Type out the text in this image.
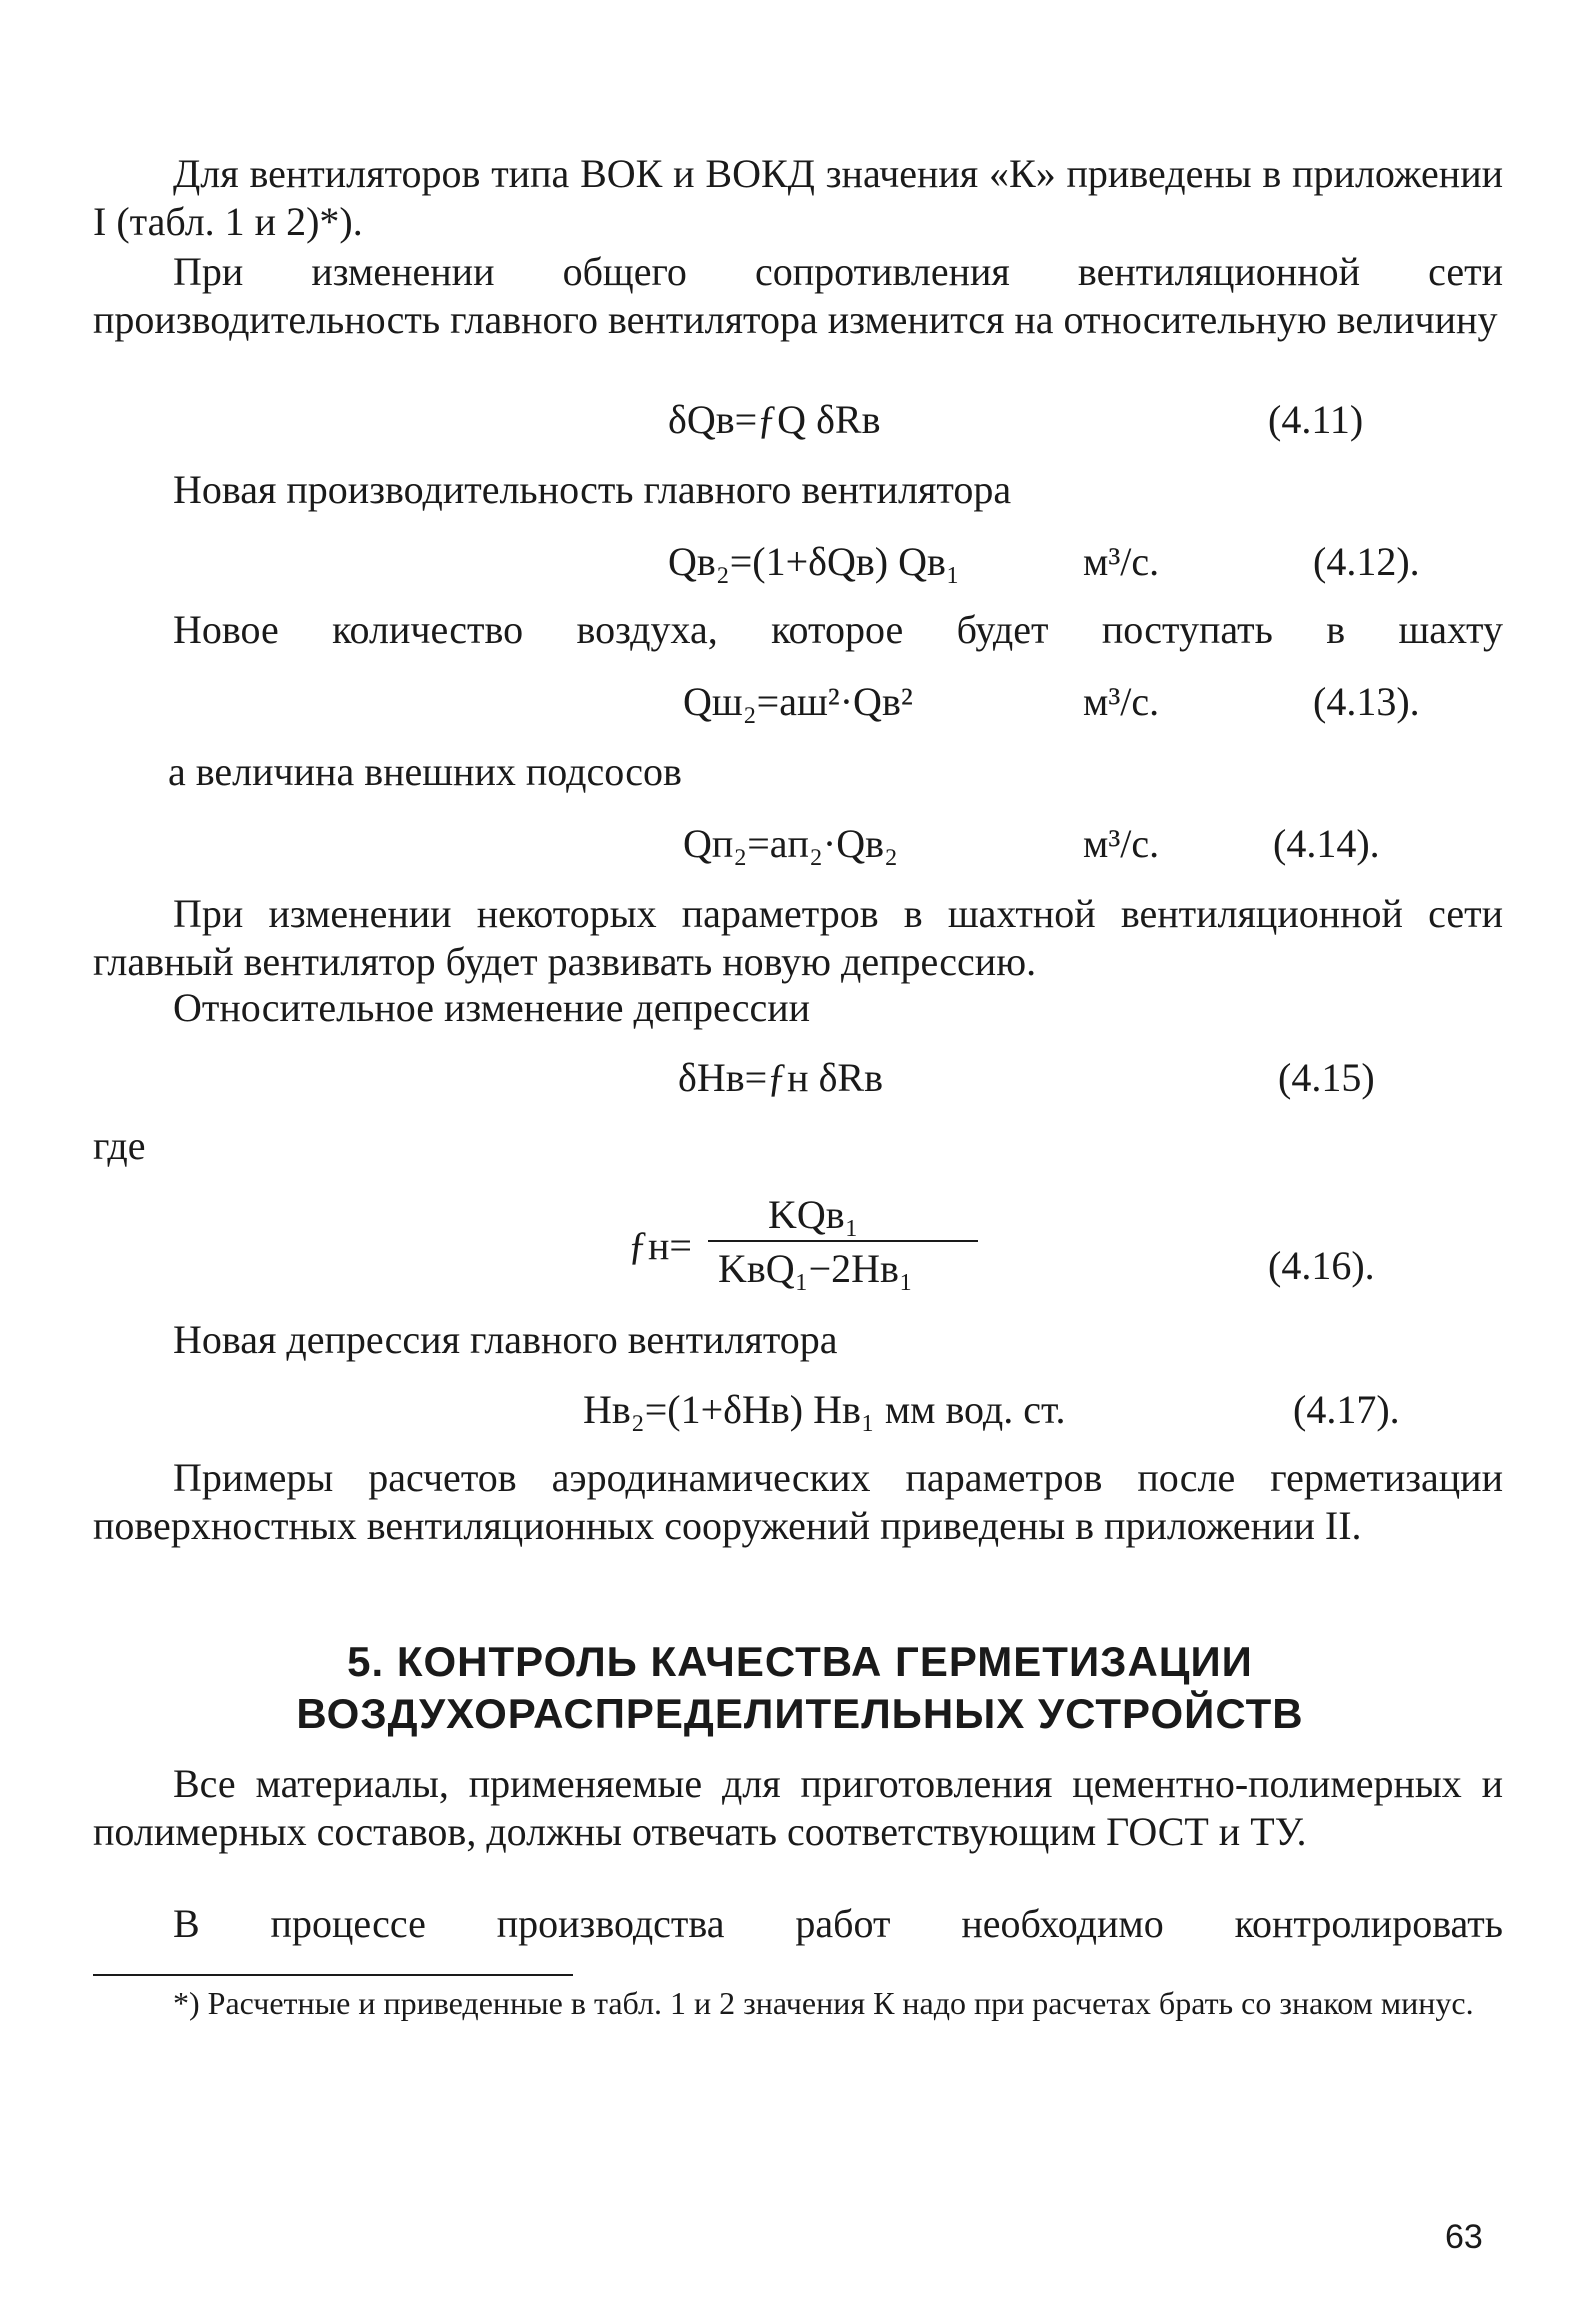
Для вентиляторов типа ВОК и ВОКД значения «К» приведены в приложении I (табл. 1 и 2)*).
При изменении общего сопротивления вентиляционной сети производительность главного вентилятора изменится на относительную величину
δQв=ƒQ δRв	(4.11)
Новая производительность главного вентилятора
Qв₂=(1+δQв) Qв₁	м³/с.	(4.12).
Новое количество воздуха, которое будет поступать в шахту
Qш₂=aш²·Qв²	м³/с.	(4.13).
а величина внешних подсосов
Qп₂=aп₂·Qв₂	м³/с.	(4.14).
При изменении некоторых параметров в шахтной вентиляционной сети главный вентилятор будет развивать новую депрессию.
Относительное изменение депрессии
δHв=ƒн δRв	(4.15)
где
ƒн=
KQв₁
KвQ₁−2Hв₁	(4.16).
Новая депрессия главного вентилятора
Hв₂=(1+δHв) Hв₁ мм вод. ст.	(4.17).
Примеры расчетов аэродинамических параметров после герметизации поверхностных вентиляционных сооружений приведены в приложении II.
5. КОНТРОЛЬ КАЧЕСТВА ГЕРМЕТИЗАЦИИ
ВОЗДУХОРАСПРЕДЕЛИТЕЛЬНЫХ УСТРОЙСТВ
Все материалы, применяемые для приготовления цементно-полимерных и полимерных составов, должны отвечать соответствующим ГОСТ и ТУ.
В процессе производства работ необходимо контролировать
*) Расчетные и приведенные в табл. 1 и 2 значения К надо при расчетах брать со знаком минус.
63
